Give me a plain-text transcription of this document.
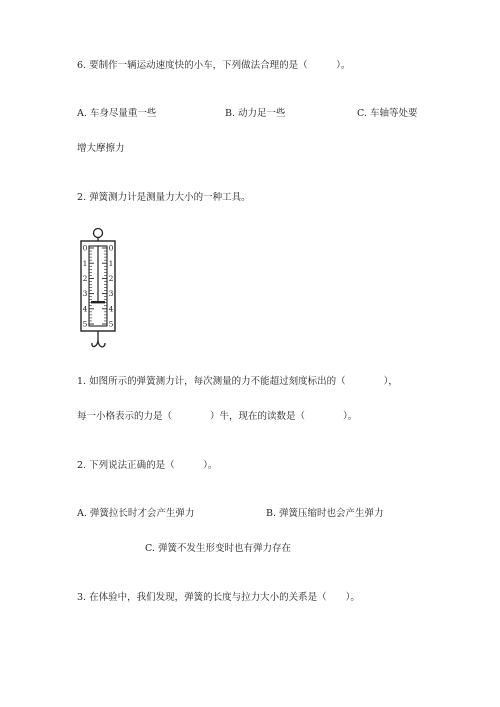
6. 要制作一辆运动速度快的小车，下列做法合理的是（　　　）。
A. 车身尽量重一些	B. 动力足一些	C. 车轴等处要
增大摩擦力
2. 弹簧测力计是测量力大小的一种工具。
0
1
2
3
4
5
0
1
2
3
4
5
1. 如图所示的弹簧测力计，每次测量的力不能超过刻度标出的（　　　　），
每一小格表示的力是（　　　　）牛，现在的读数是（　　　　）。
2. 下列说法正确的是（　　　）。
A. 弹簧拉长时才会产生弹力	B. 弹簧压缩时也会产生弹力
C. 弹簧不发生形变时也有弹力存在
3. 在体验中，我们发现，弹簧的长度与拉力大小的关系是（　　）。
